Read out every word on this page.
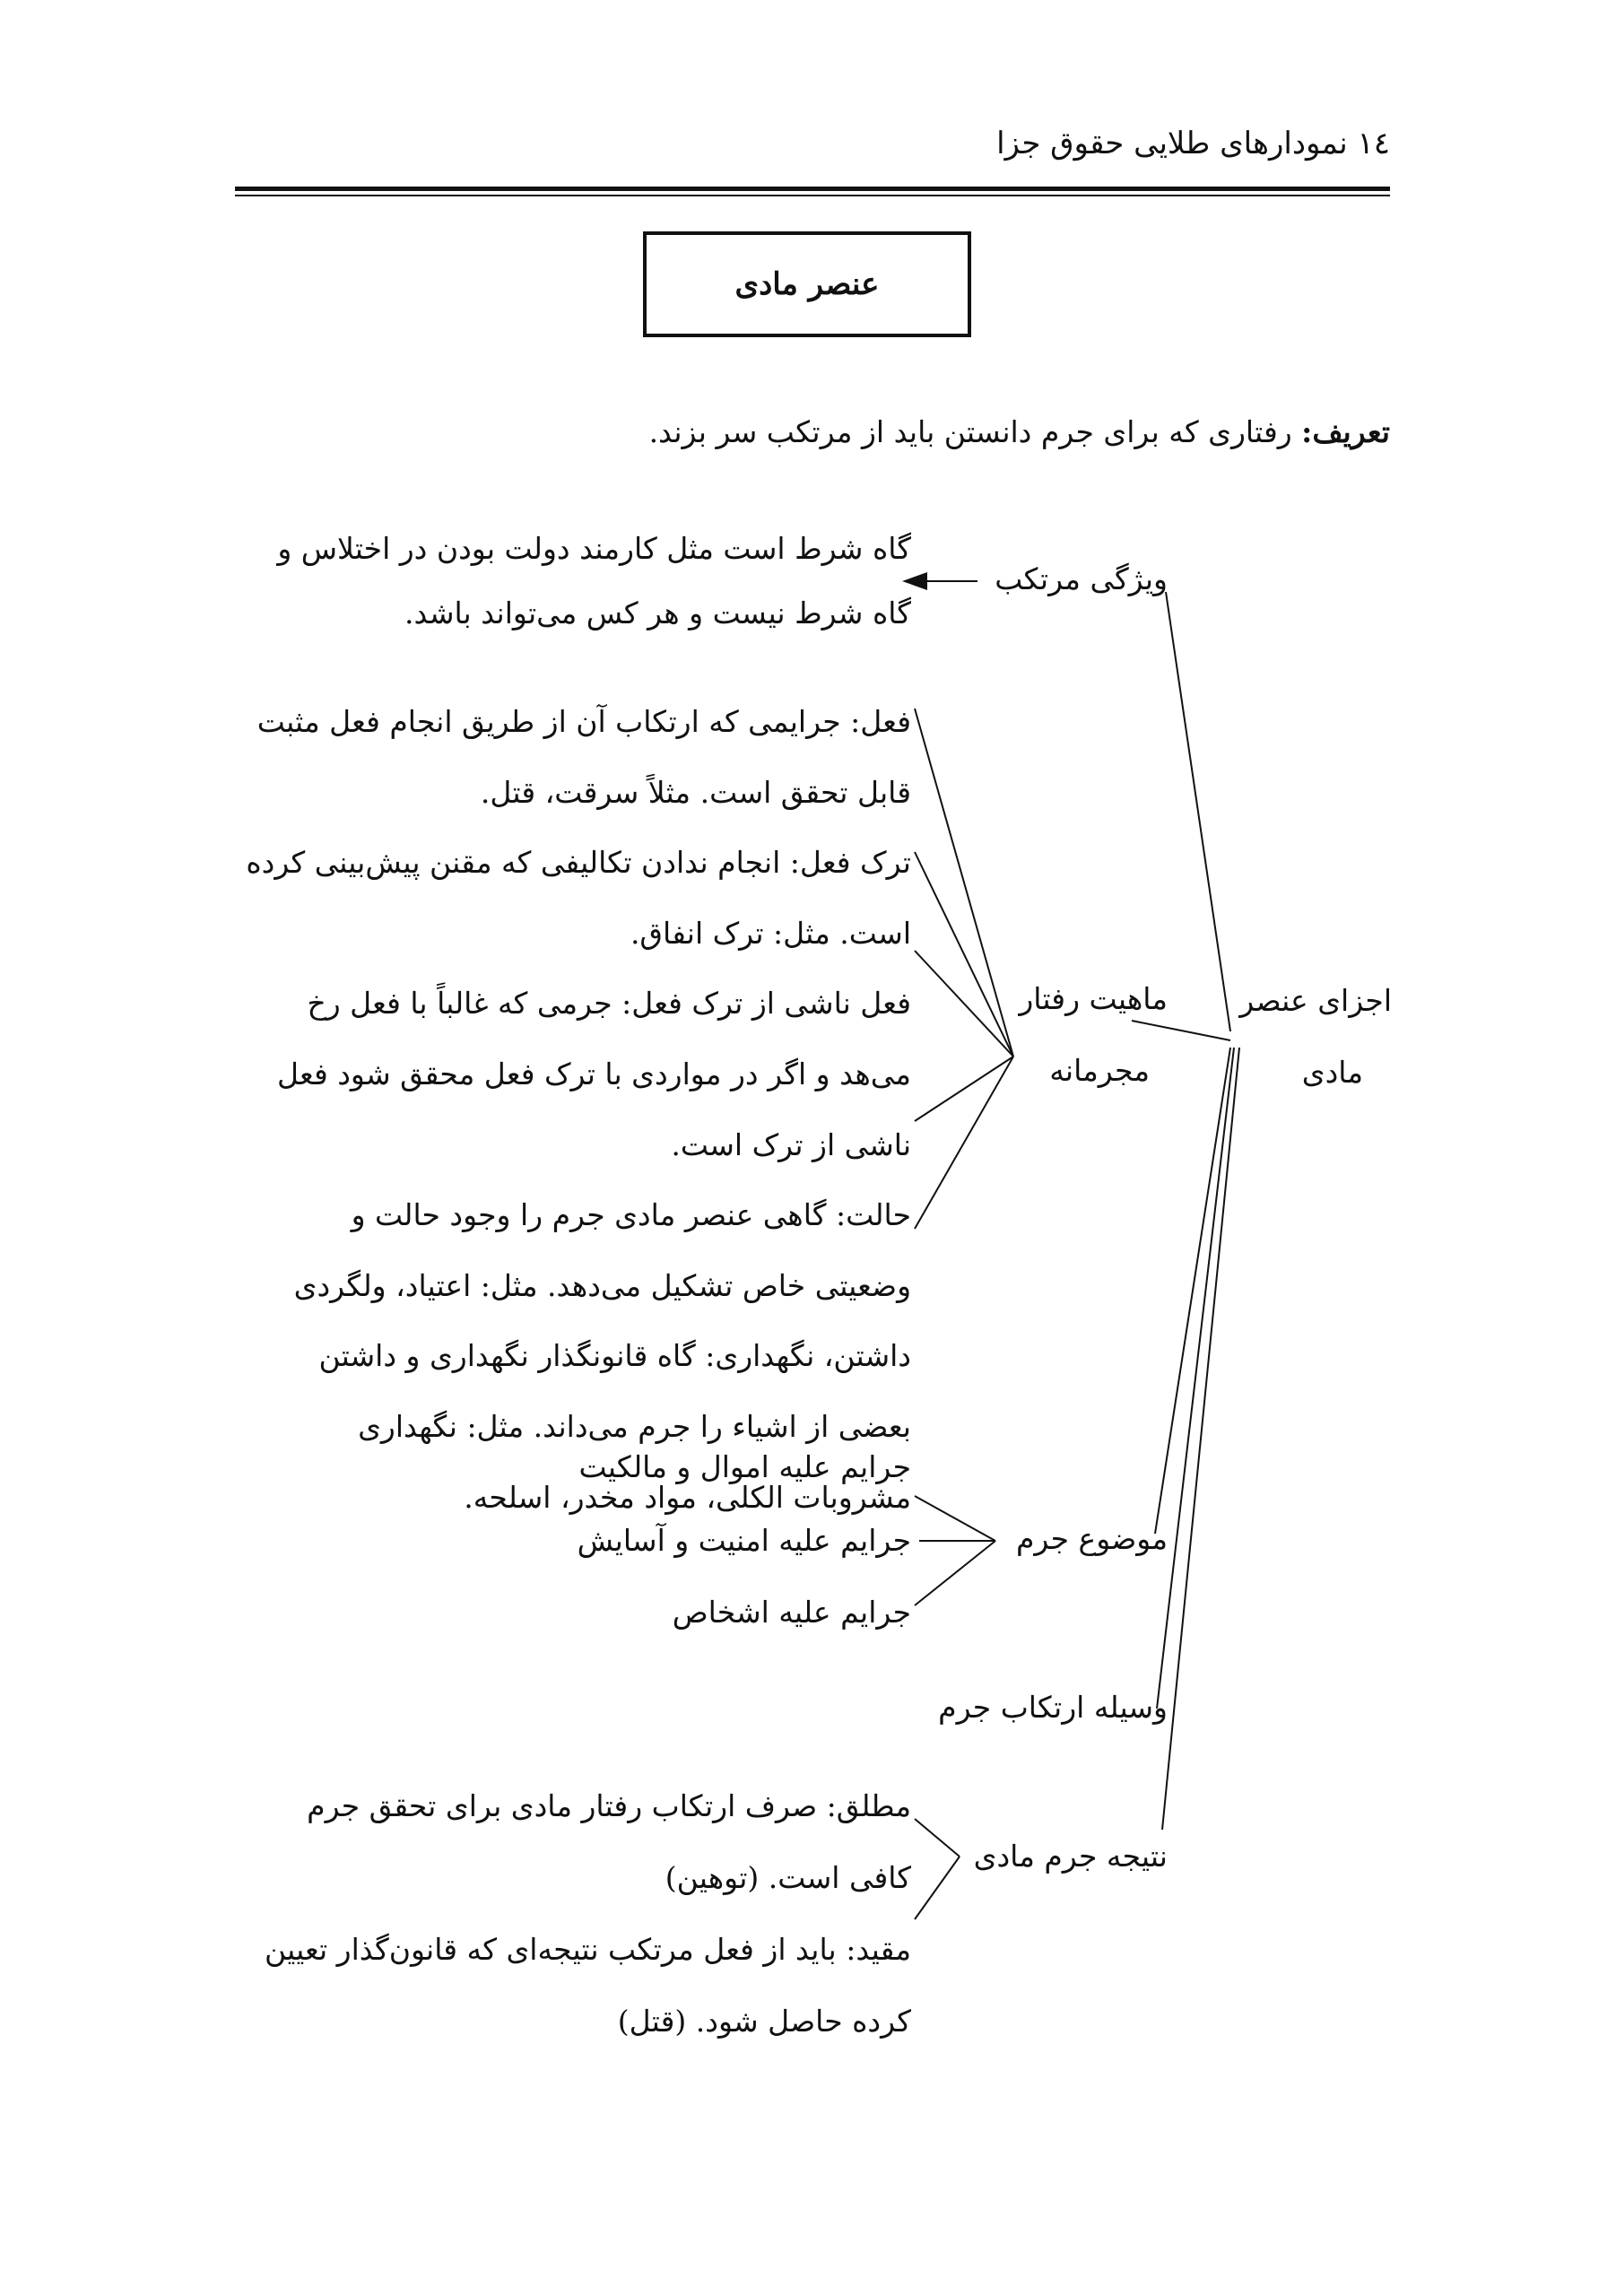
١٤ نمودارهای طلایی حقوق جزا
عنصر مادی
تعریف: رفتاری که برای جرم دانستن باید از مرتکب سر بزند.
اجزای عنصر
مادی
ویژگی مرتکب
گاه شرط است مثل کارمند دولت بودن در اختلاس و
گاه شرط نیست و هر کس می‌تواند باشد.
ماهیت رفتار
مجرمانه
فعل: جرایمی که ارتکاب آن از طریق انجام فعل مثبت
قابل تحقق است. مثلاً سرقت، قتل.
ترک فعل: انجام ندادن تکالیفی که مقنن پیش‌بینی کرده
است. مثل: ترک انفاق.
فعل ناشی از ترک فعل: جرمی که غالباً با فعل رخ
می‌هد و اگر در مواردی با ترک فعل محقق شود فعل
ناشی از ترک است.
حالت: گاهی عنصر مادی جرم را وجود حالت و
وضعیتی خاص تشکیل می‌دهد. مثل: اعتیاد، ولگردی
داشتن، نگهداری: گاه قانونگذار نگهداری و داشتن
بعضی از اشیاء را جرم می‌داند. مثل: نگهداری
مشروبات الکلی، مواد مخدر، اسلحه.
موضوع جرم
جرایم علیه اموال و مالکیت
جرایم علیه امنیت و آسایش
جرایم علیه اشخاص
وسیله ارتکاب جرم
نتیجه جرم مادی
مطلق: صرف ارتکاب رفتار مادی برای تحقق جرم
کافی است. (توهین)
مقید: باید از فعل مرتکب نتیجه‌ای که قانون‌گذار تعیین
کرده حاصل شود. (قتل)
